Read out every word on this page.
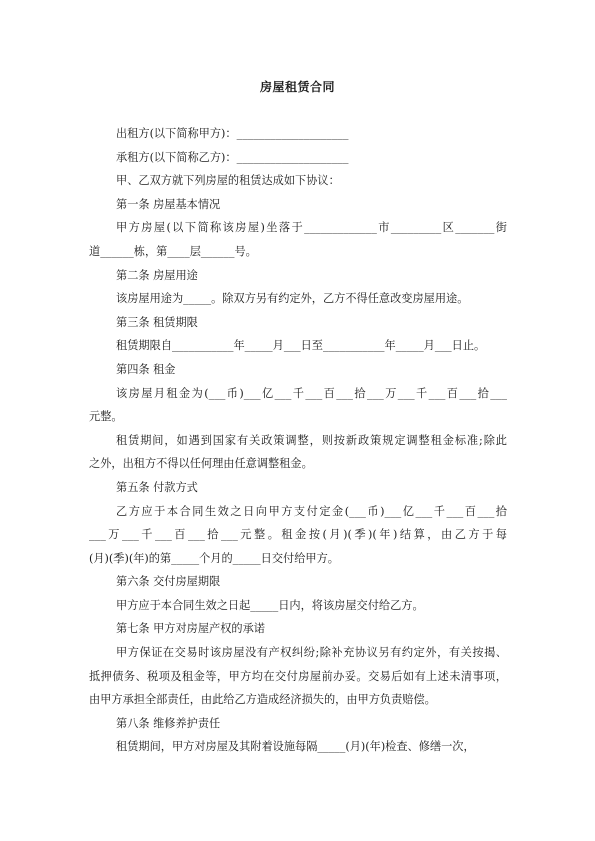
房屋租赁合同

出租方(以下简称甲方)：____________________

承租方(以下简称乙方)：____________________

甲、乙双方就下列房屋的租赁达成如下协议：

第一条 房屋基本情况

甲方房屋(以下简称该房屋)坐落于_____________市_________区_______街

道______栋，第____层______号。

第二条 房屋用途

该房屋用途为_____。除双方另有约定外，乙方不得任意改变房屋用途。

第三条 租赁期限

租赁期限自___________年_____月___日至___________年_____月___日止。

第四条 租金

该房屋月租金为(___币)___亿___千___百___拾___万___千___百___拾___

元整。

租赁期间，如遇到国家有关政策调整，则按新政策规定调整租金标准;除此

之外，出租方不得以任何理由任意调整租金。

第五条 付款方式

乙方应于本合同生效之日向甲方支付定金(___币)___亿___千___百___拾

___万___千___百___拾___元整。租金按(月)(季)(年)结算，由乙方于每

(月)(季)(年)的第_____个月的_____日交付给甲方。

第六条 交付房屋期限

甲方应于本合同生效之日起_____日内，将该房屋交付给乙方。

第七条 甲方对房屋产权的承诺

甲方保证在交易时该房屋没有产权纠纷;除补充协议另有约定外，有关按揭、

抵押债务、税项及租金等，甲方均在交付房屋前办妥。交易后如有上述未清事项，

由甲方承担全部责任，由此给乙方造成经济损失的，由甲方负责赔偿。

第八条 维修养护责任

租赁期间，甲方对房屋及其附着设施每隔_____(月)(年)检查、修缮一次，
